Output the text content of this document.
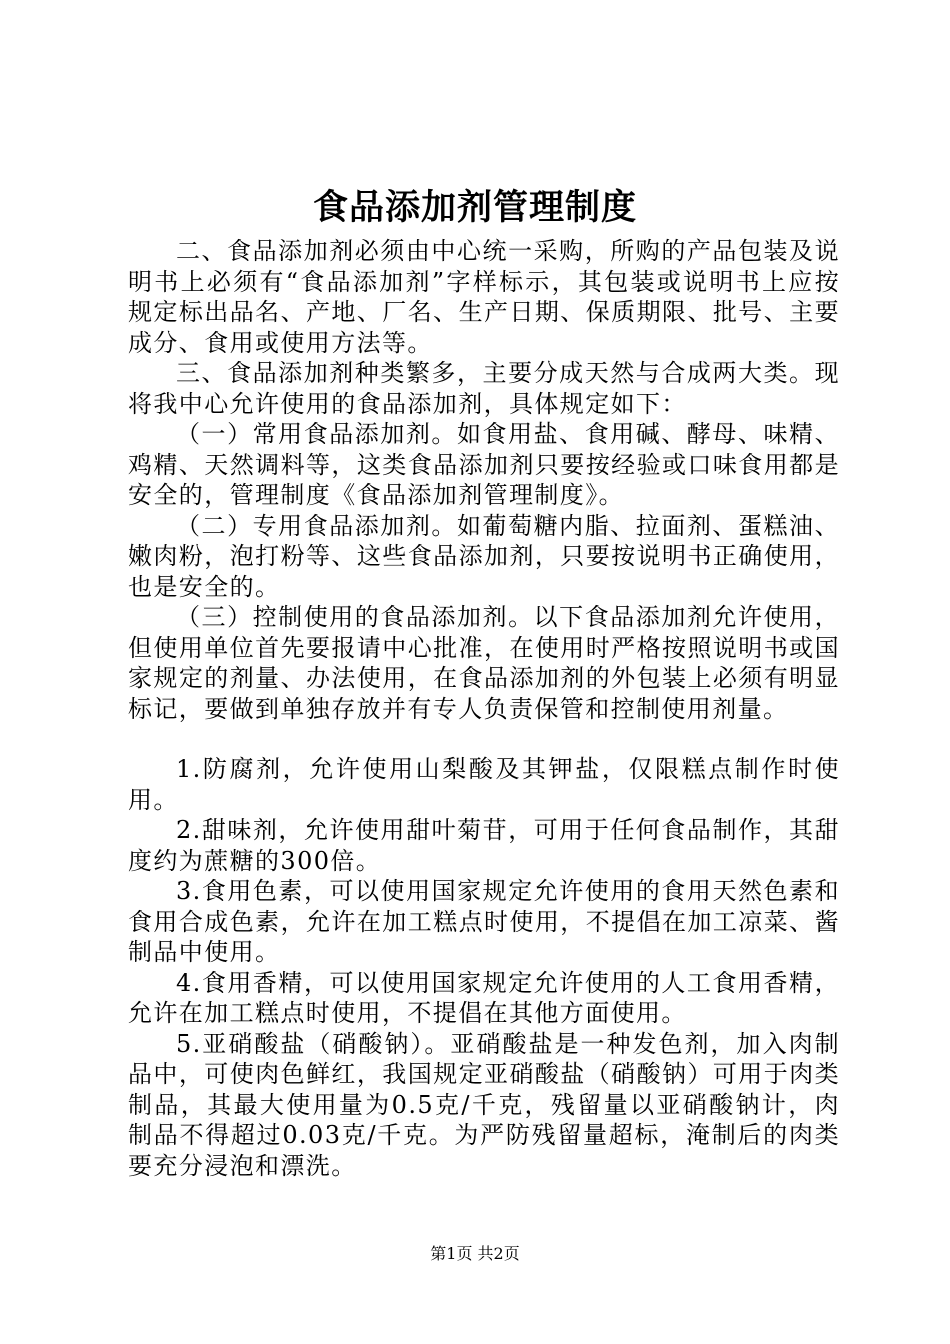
食品添加剂管理制度

二、食品添加剂必须由中心统一采购，所购的产品包装及说明书上必须有“食品添加剂”字样标示，其包装或说明书上应按规定标出品名、产地、厂名、生产日期、保质期限、批号、主要成分、食用或使用方法等。

三、食品添加剂种类繁多，主要分成天然与合成两大类。现将我中心允许使用的食品添加剂，具体规定如下：

（一）常用食品添加剂。如食用盐、食用碱、酵母、味精、鸡精、天然调料等，这类食品添加剂只要按经验或口味食用都是安全的，管理制度《食品添加剂管理制度》。

（二）专用食品添加剂。如葡萄糖内脂、拉面剂、蛋糕油、嫩肉粉，泡打粉等、这些食品添加剂，只要按说明书正确使用，也是安全的。

（三）控制使用的食品添加剂。以下食品添加剂允许使用，但使用单位首先要报请中心批准，在使用时严格按照说明书或国家规定的剂量、办法使用，在食品添加剂的外包装上必须有明显标记，要做到单独存放并有专人负责保管和控制使用剂量。

1.防腐剂，允许使用山梨酸及其钾盐，仅限糕点制作时使用。

2.甜味剂，允许使用甜叶菊苷，可用于任何食品制作，其甜度约为蔗糖的300倍。

3.食用色素，可以使用国家规定允许使用的食用天然色素和食用合成色素，允许在加工糕点时使用，不提倡在加工凉菜、酱制品中使用。

4.食用香精，可以使用国家规定允许使用的人工食用香精，允许在加工糕点时使用，不提倡在其他方面使用。

5.亚硝酸盐（硝酸钠）。亚硝酸盐是一种发色剂，加入肉制品中，可使肉色鲜红，我国规定亚硝酸盐（硝酸钠）可用于肉类制品，其最大使用量为0.5克/千克，残留量以亚硝酸钠计，肉制品不得超过0.03克/千克。为严防残留量超标，淹制后的肉类要充分浸泡和漂洗。

第1页 共2页
